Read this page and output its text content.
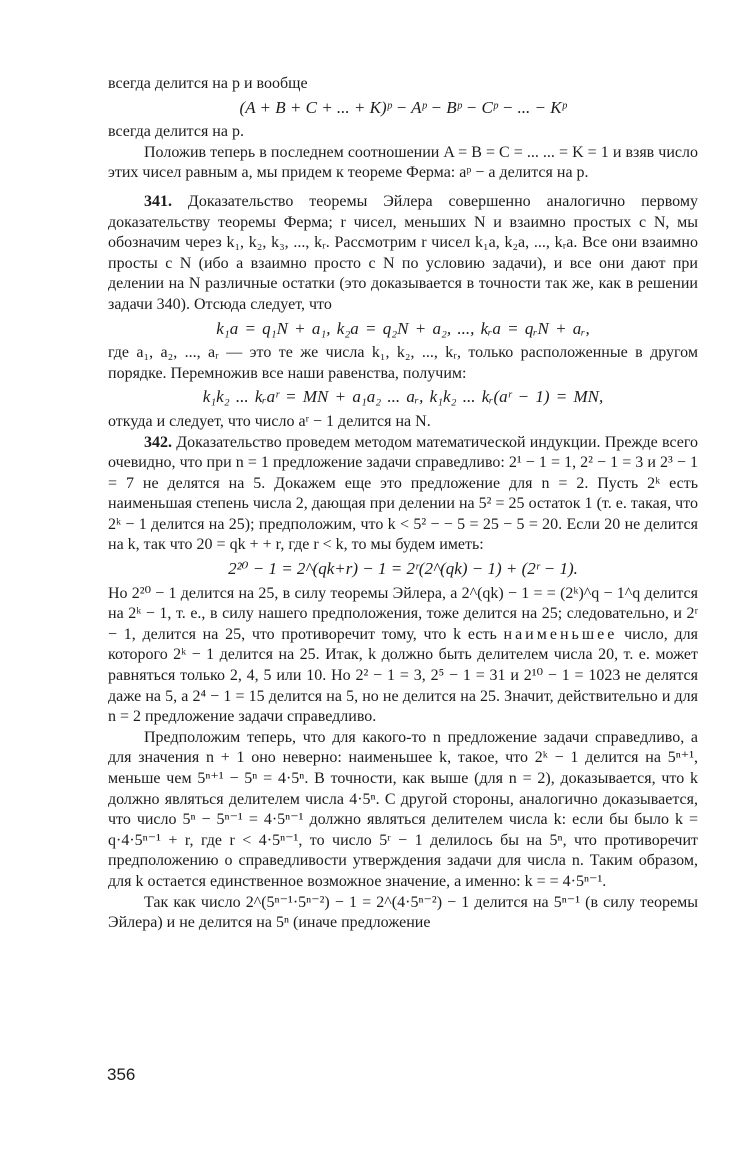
всегда делится на p и вообще

(A + B + C + ... + K)ᵖ − Aᵖ − Bᵖ − Cᵖ − ... − Kᵖ

всегда делится на p.

Положив теперь в последнем соотношении A = B = C = ... ... = K = 1 и взяв число этих чисел равным a, мы придем к теореме Ферма: aᵖ − a делится на p.

341. Доказательство теоремы Эйлера совершенно аналогично первому доказательству теоремы Ферма; r чисел, меньших N и взаимно простых с N, мы обозначим через k₁, k₂, k₃, ..., kᵣ. Рассмотрим r чисел k₁a, k₂a, ..., kᵣa. Все они взаимно просты с N (ибо a взаимно просто с N по условию задачи), и все они дают при делении на N различные остатки (это доказывается в точности так же, как в решении задачи 340). Отсюда следует, что

k₁a = q₁N + a₁, k₂a = q₂N + a₂, ..., kᵣa = qᵣN + aᵣ,

где a₁, a₂, ..., aᵣ — это те же числа k₁, k₂, ..., kᵣ, только расположенные в другом порядке. Перемножив все наши равенства, получим:

k₁k₂ ... kᵣaʳ = MN + a₁a₂ ... aᵣ, k₁k₂ ... kᵣ(aʳ − 1) = MN,

откуда и следует, что число aʳ − 1 делится на N.

342. Доказательство проведем методом математической индукции. Прежде всего очевидно, что при n = 1 предложение задачи справедливо: 2¹ − 1 = 1, 2² − 1 = 3 и 2³ − 1 = 7 не делятся на 5. Докажем еще это предложение для n = 2. Пусть 2ᵏ есть наименьшая степень числа 2, дающая при делении на 5² = 25 остаток 1 (т. е. такая, что 2ᵏ − 1 делится на 25); предположим, что k < 5² − − 5 = 25 − 5 = 20. Если 20 не делится на k, так что 20 = qk + + r, где r < k, то мы будем иметь:

2²⁰ − 1 = 2^(qk+r) − 1 = 2ʳ(2^(qk) − 1) + (2ʳ − 1).

Но 2²⁰ − 1 делится на 25, в силу теоремы Эйлера, а 2^(qk) − 1 = = (2ᵏ)^q − 1^q делится на 2ᵏ − 1, т. е., в силу нашего предположения, тоже делится на 25; следовательно, и 2ʳ − 1, делится на 25, что противоречит тому, что k есть наименьшее число, для которого 2ᵏ − 1 делится на 25. Итак, k должно быть делителем числа 20, т. е. может равняться только 2, 4, 5 или 10. Но 2² − 1 = 3, 2⁵ − 1 = 31 и 2¹⁰ − 1 = 1023 не делятся даже на 5, а 2⁴ − 1 = 15 делится на 5, но не делится на 25. Значит, действительно и для n = 2 предложение задачи справедливо.

Предположим теперь, что для какого-то n предложение задачи справедливо, а для значения n + 1 оно неверно: наименьшее k, такое, что 2ᵏ − 1 делится на 5ⁿ⁺¹, меньше чем 5ⁿ⁺¹ − 5ⁿ = 4·5ⁿ. В точности, как выше (для n = 2), доказывается, что k должно являться делителем числа 4·5ⁿ. С другой стороны, аналогично доказывается, что число 5ⁿ − 5ⁿ⁻¹ = 4·5ⁿ⁻¹ должно являться делителем числа k: если бы было k = q·4·5ⁿ⁻¹ + r, где r < 4·5ⁿ⁻¹, то число 5ʳ − 1 делилось бы на 5ⁿ, что противоречит предположению о справедливости утверждения задачи для числа n. Таким образом, для k остается единственное возможное значение, а именно: k = = 4·5ⁿ⁻¹.

Так как число 2^(5ⁿ⁻¹·5ⁿ⁻²) − 1 = 2^(4·5ⁿ⁻²) − 1 делится на 5ⁿ⁻¹ (в силу теоремы Эйлера) и не делится на 5ⁿ (иначе предложение

356
